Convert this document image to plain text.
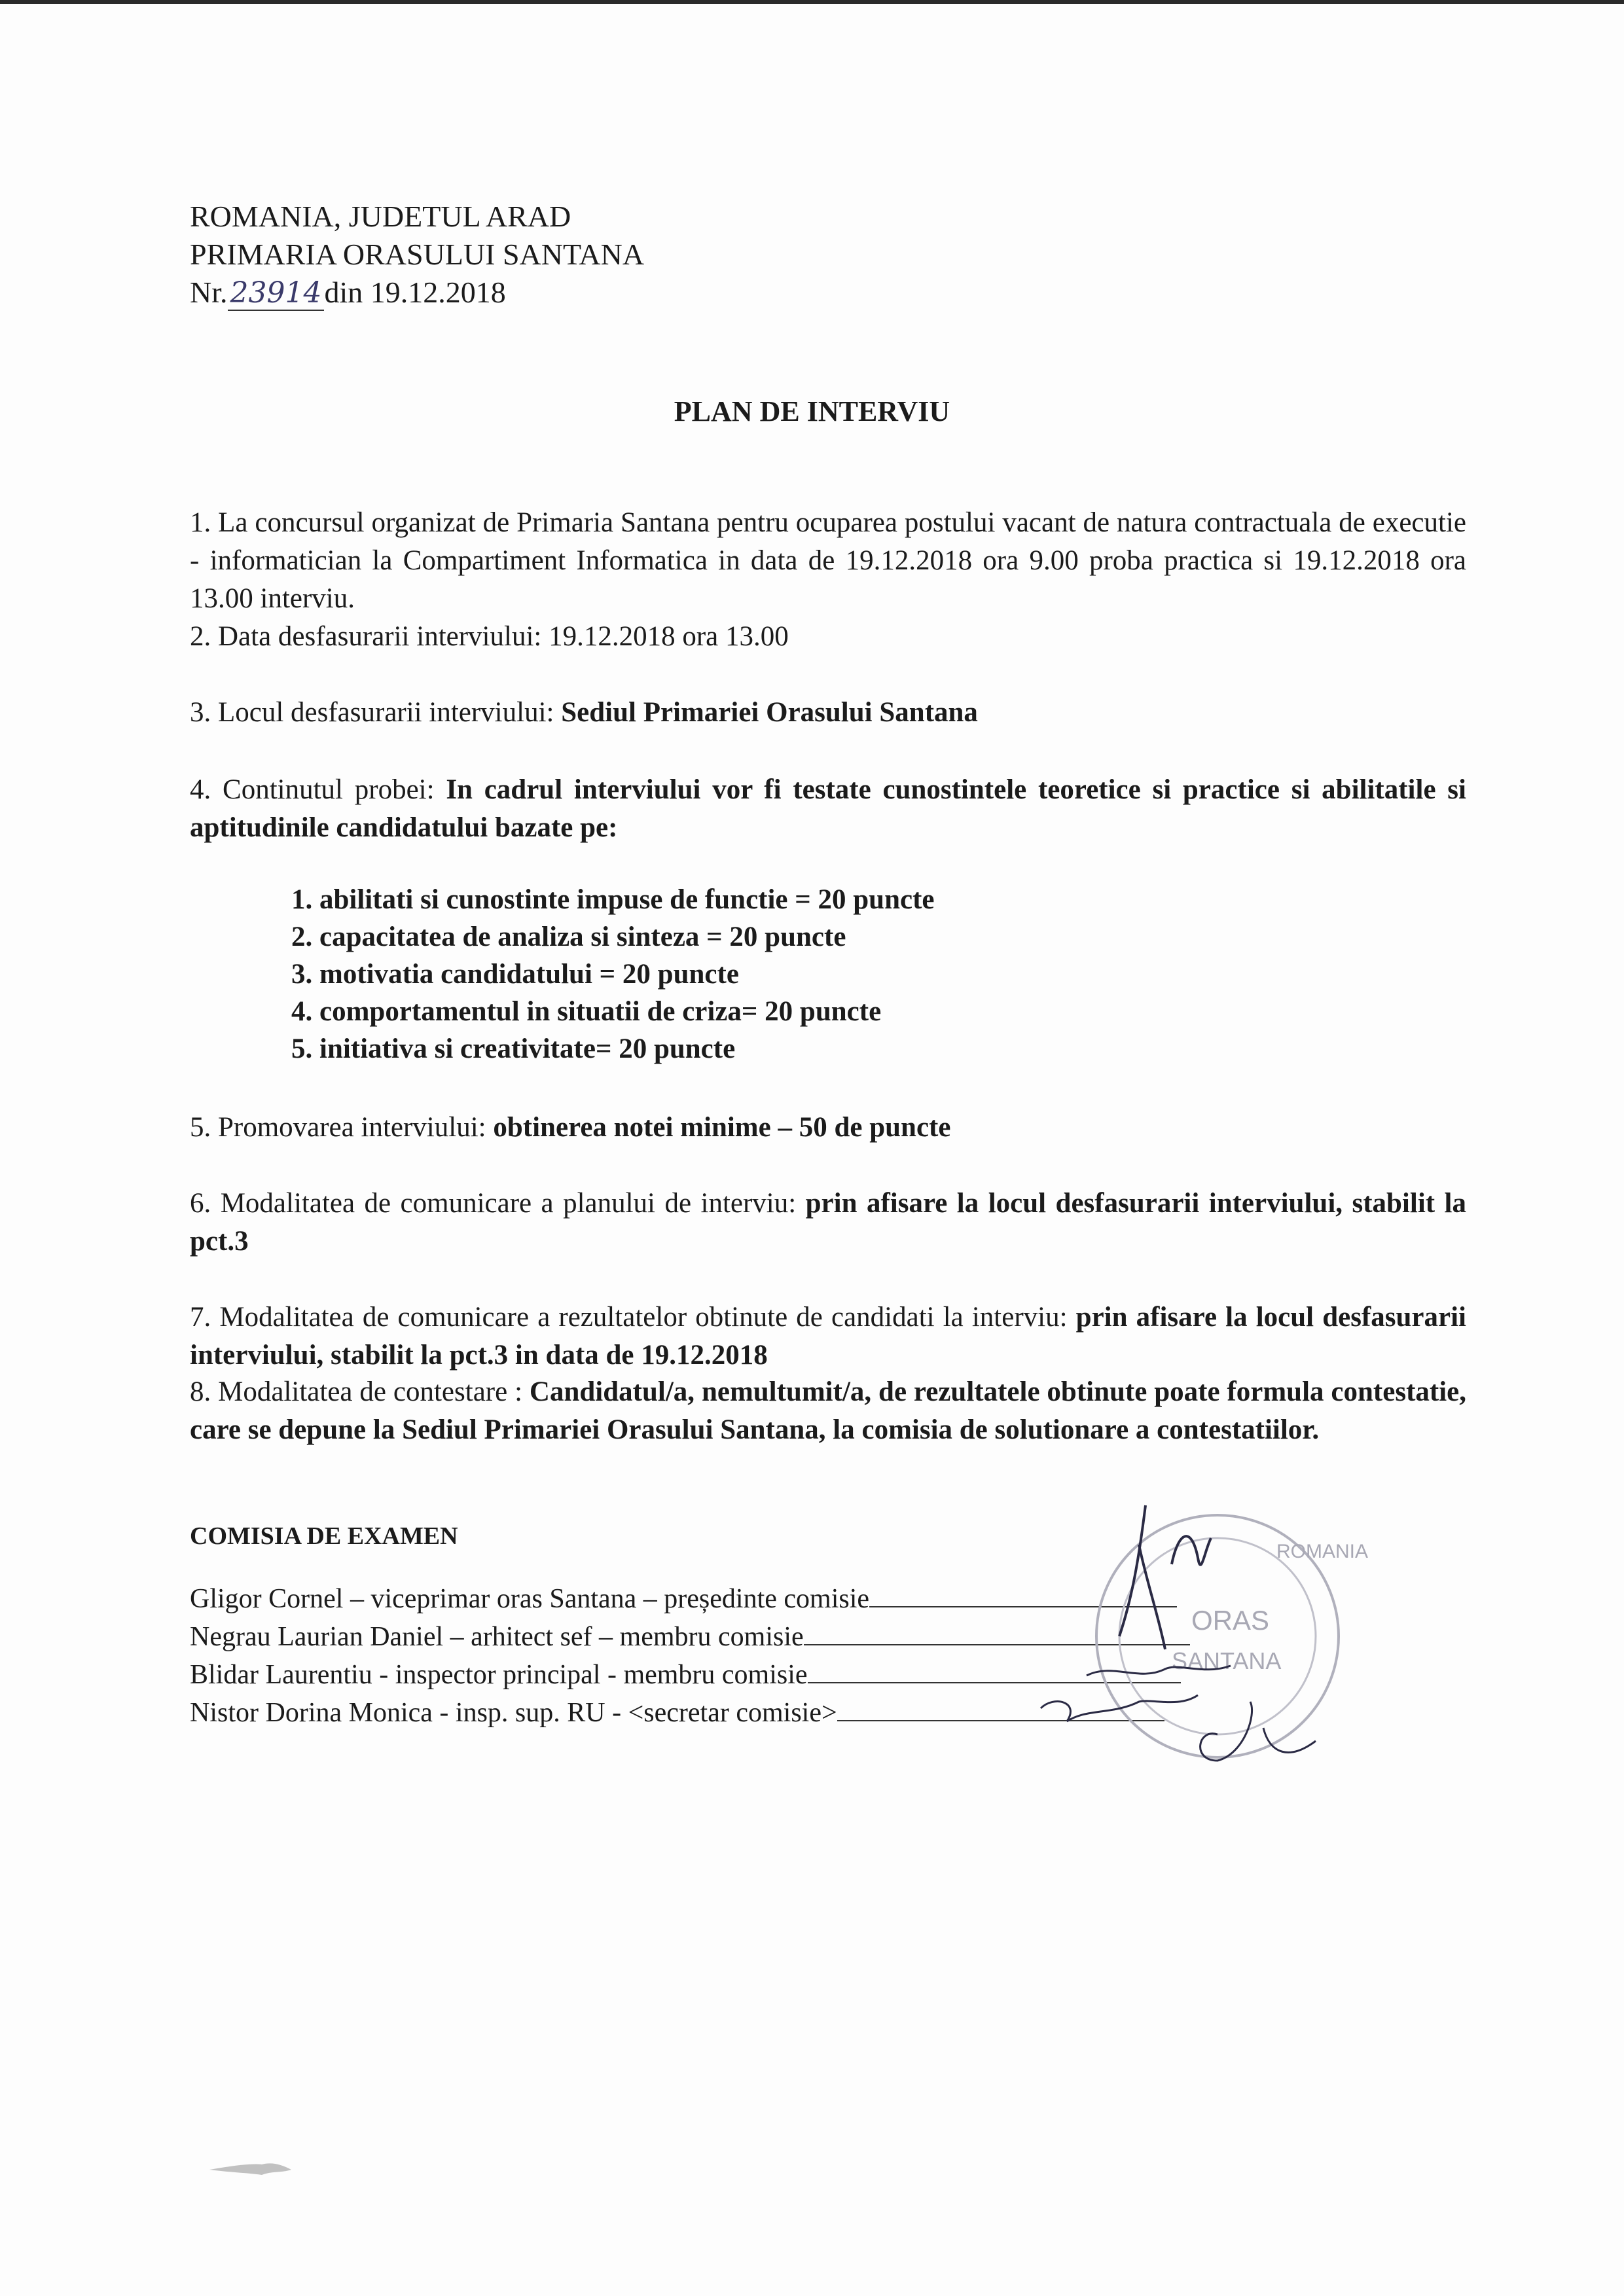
ROMANIA, JUDETUL ARAD
PRIMARIA ORASULUI SANTANA
Nr.23914din 19.12.2018
PLAN DE INTERVIU
1. La concursul organizat de Primaria Santana pentru ocuparea postului vacant de natura contractuala de executie - informatician la Compartiment Informatica in data de 19.12.2018 ora 9.00 proba practica si 19.12.2018 ora 13.00 interviu.
2. Data desfasurarii interviului: 19.12.2018 ora 13.00
3. Locul desfasurarii interviului: Sediul Primariei Orasului Santana
4. Continutul probei: In cadrul interviului vor fi testate cunostintele teoretice si practice si abilitatile si aptitudinile candidatului bazate pe:
1. abilitati si cunostinte impuse de functie = 20 puncte
2. capacitatea de analiza si sinteza = 20 puncte
3. motivatia candidatului = 20 puncte
4. comportamentul in situatii de criza= 20 puncte
5. initiativa si creativitate= 20 puncte
5. Promovarea interviului: obtinerea notei minime – 50 de puncte
6. Modalitatea de comunicare a planului de interviu: prin afisare la locul desfasurarii interviului, stabilit la pct.3
7. Modalitatea de comunicare a rezultatelor obtinute de candidati la interviu: prin afisare la locul desfasurarii interviului, stabilit la pct.3 in data de 19.12.2018
8. Modalitatea de contestare : Candidatul/a, nemultumit/a, de rezultatele obtinute poate formula contestatie, care se depune la Sediul Primariei Orasului Santana, la comisia de solutionare a contestatiilor.
COMISIA DE EXAMEN
Gligor Cornel – viceprimar oras Santana – președinte comisie
Negrau Laurian Daniel – arhitect sef – membru comisie
Blidar Laurentiu - inspector principal - membru comisie
Nistor Dorina Monica - insp. sup. RU - <secretar comisie>
ROMANIA
ORAS
SANTANA
